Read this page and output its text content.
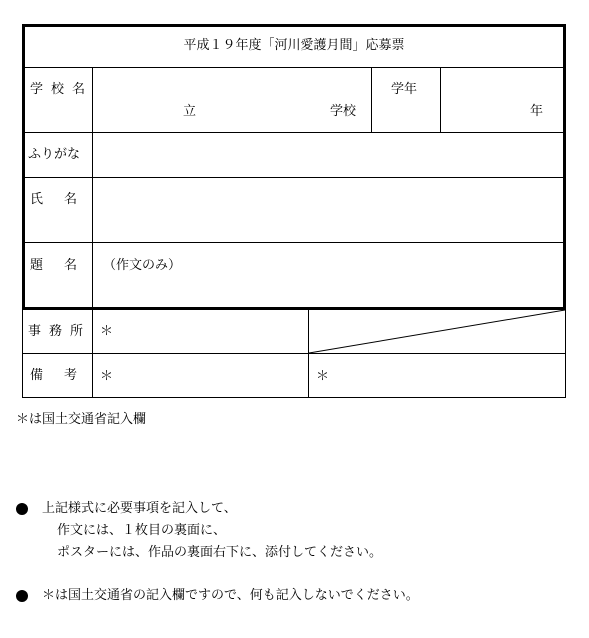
平成１９年度「河川愛護月間」応募票
学校名
立	学校
学年
年
ふりがな
氏　名
題　名 （作文のみ）
事務所 ＊
備　考 ＊	＊
＊は国土交通省記入欄
上記様式に必要事項を記入して、
作文には、１枚目の裏面に、
ポスターには、作品の裏面右下に、添付してください。
＊は国土交通省の記入欄ですので、何も記入しないでください。
